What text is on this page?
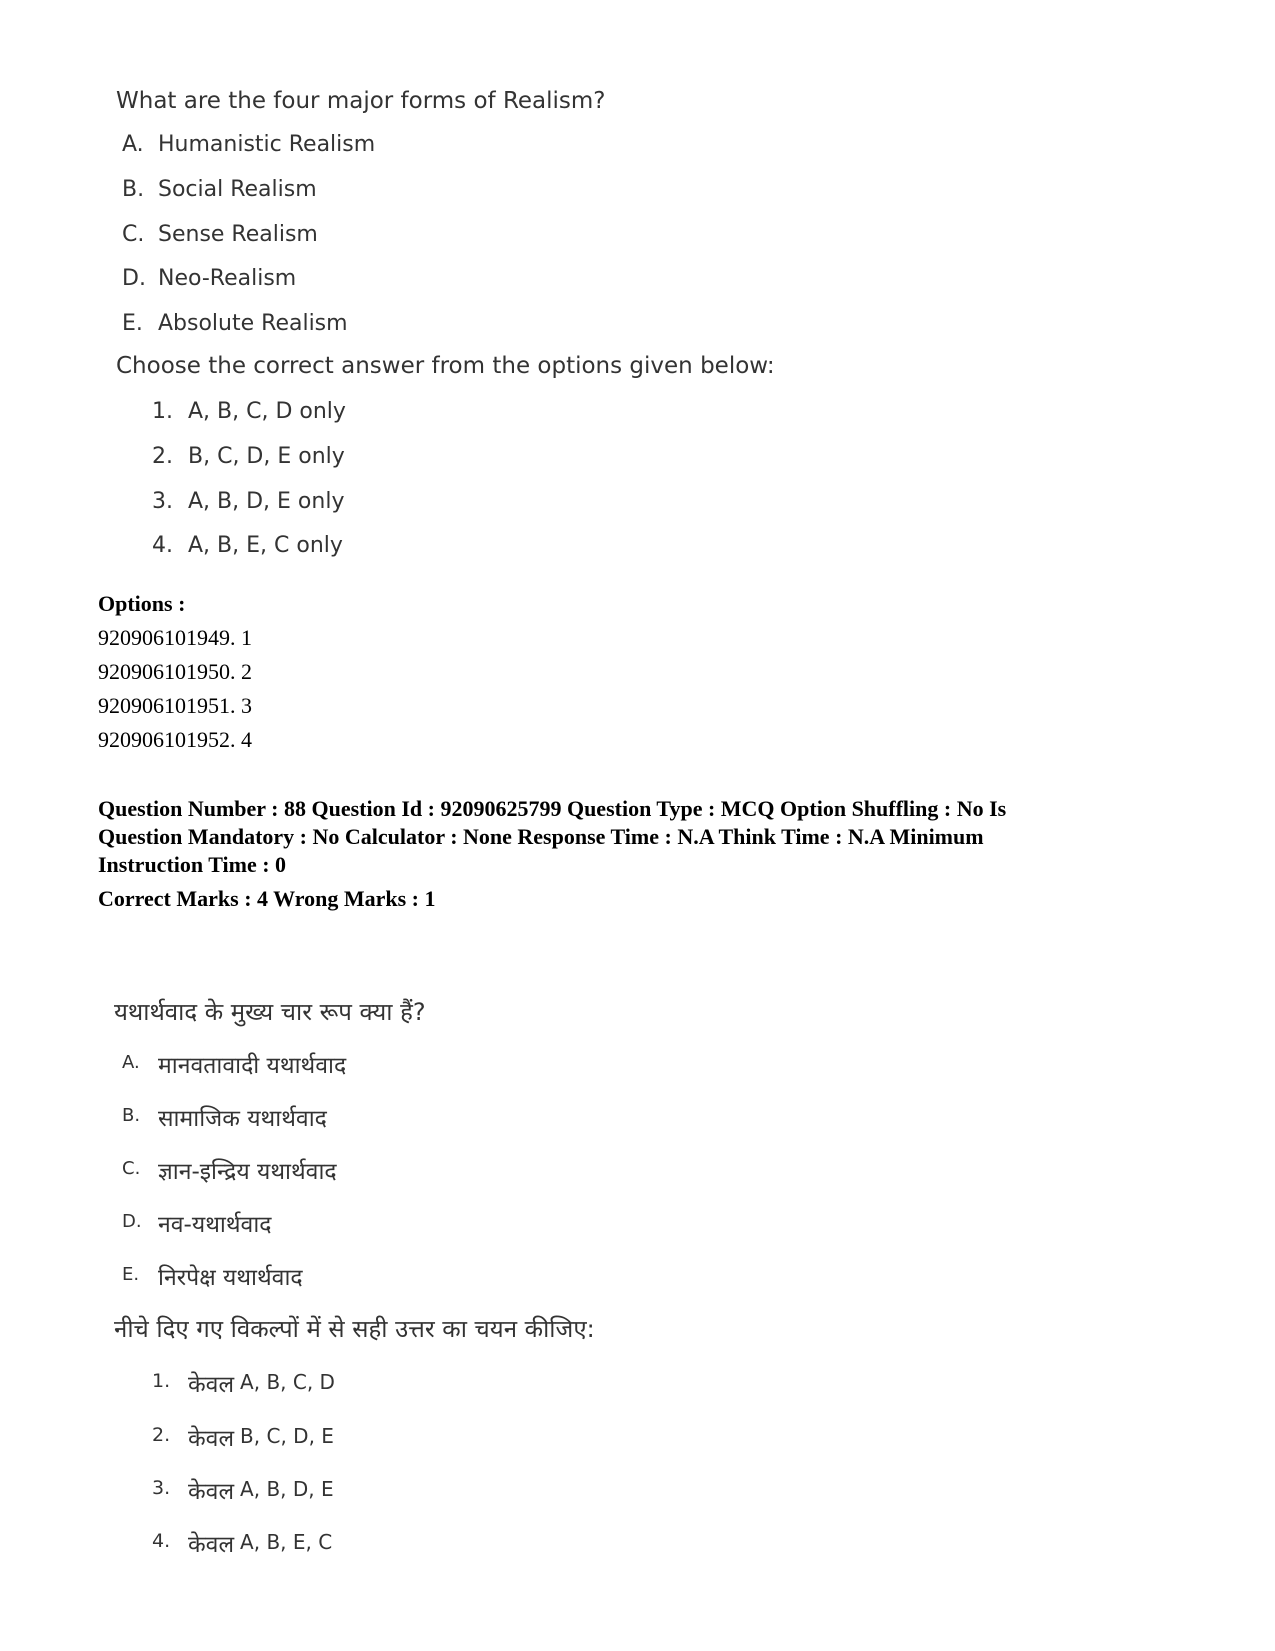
What are the four major forms of Realism?
A. Humanistic Realism
B. Social Realism
C. Sense Realism
D. Neo-Realism
E. Absolute Realism
Choose the correct answer from the options given below:
1. A, B, C, D only
2. B, C, D, E only
3. A, B, D, E only
4. A, B, E, C only
Options :
920906101949. 1
920906101950. 2
920906101951. 3
920906101952. 4
Question Number : 88 Question Id : 92090625799 Question Type : MCQ Option Shuffling : No Is
Question Mandatory : No Calculator : None Response Time : N.A Think Time : N.A Minimum
Instruction Time : 0
Correct Marks : 4 Wrong Marks : 1
यथार्थवाद के मुख्य चार रूप क्या हैं?
A. मानवतावादी यथार्थवाद
B. सामाजिक यथार्थवाद
C. ज्ञान-इन्द्रिय यथार्थवाद
D. नव-यथार्थवाद
E. निरपेक्ष यथार्थवाद
नीचे दिए गए विकल्पों में से सही उत्तर का चयन कीजिए:
1. केवल A, B, C, D
2. केवल B, C, D, E
3. केवल A, B, D, E
4. केवल A, B, E, C
